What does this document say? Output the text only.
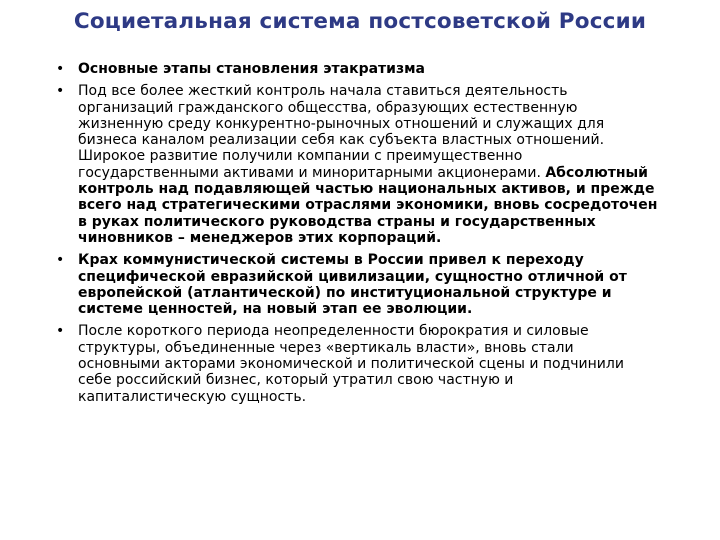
Социетальная система постсоветской России
• Основные этапы становления этакратизма
• Под все более жесткий контроль начала ставиться деятельность
организаций гражданского общесства, образующих естественную
жизненную среду конкурентно-рыночных отношений и служащих для
бизнеса каналом реализации себя как субъекта властных отношений.
Широкое развитие получили компании с преимущественно
государственными активами и миноритарными акционерами. Абсолютный
контроль над подавляющей частью национальных активов, и прежде
всего над стратегическими отраслями экономики, вновь сосредоточен
в руках политического руководства страны и государственных
чиновников – менеджеров этих корпораций.
• Крах коммунистической системы в России привел к переходу
специфической евразийской цивилизации, сущностно отличной от
европейской (атлантической) по институциональной структуре и
системе ценностей, на новый этап ее эволюции.
• После короткого периода неопределенности бюрократия и силовые
структуры, объединенные через «вертикаль власти», вновь стали
основными акторами экономической и политической сцены и подчинили
себе российский бизнес, который утратил свою частную и
капиталистическую сущность.
